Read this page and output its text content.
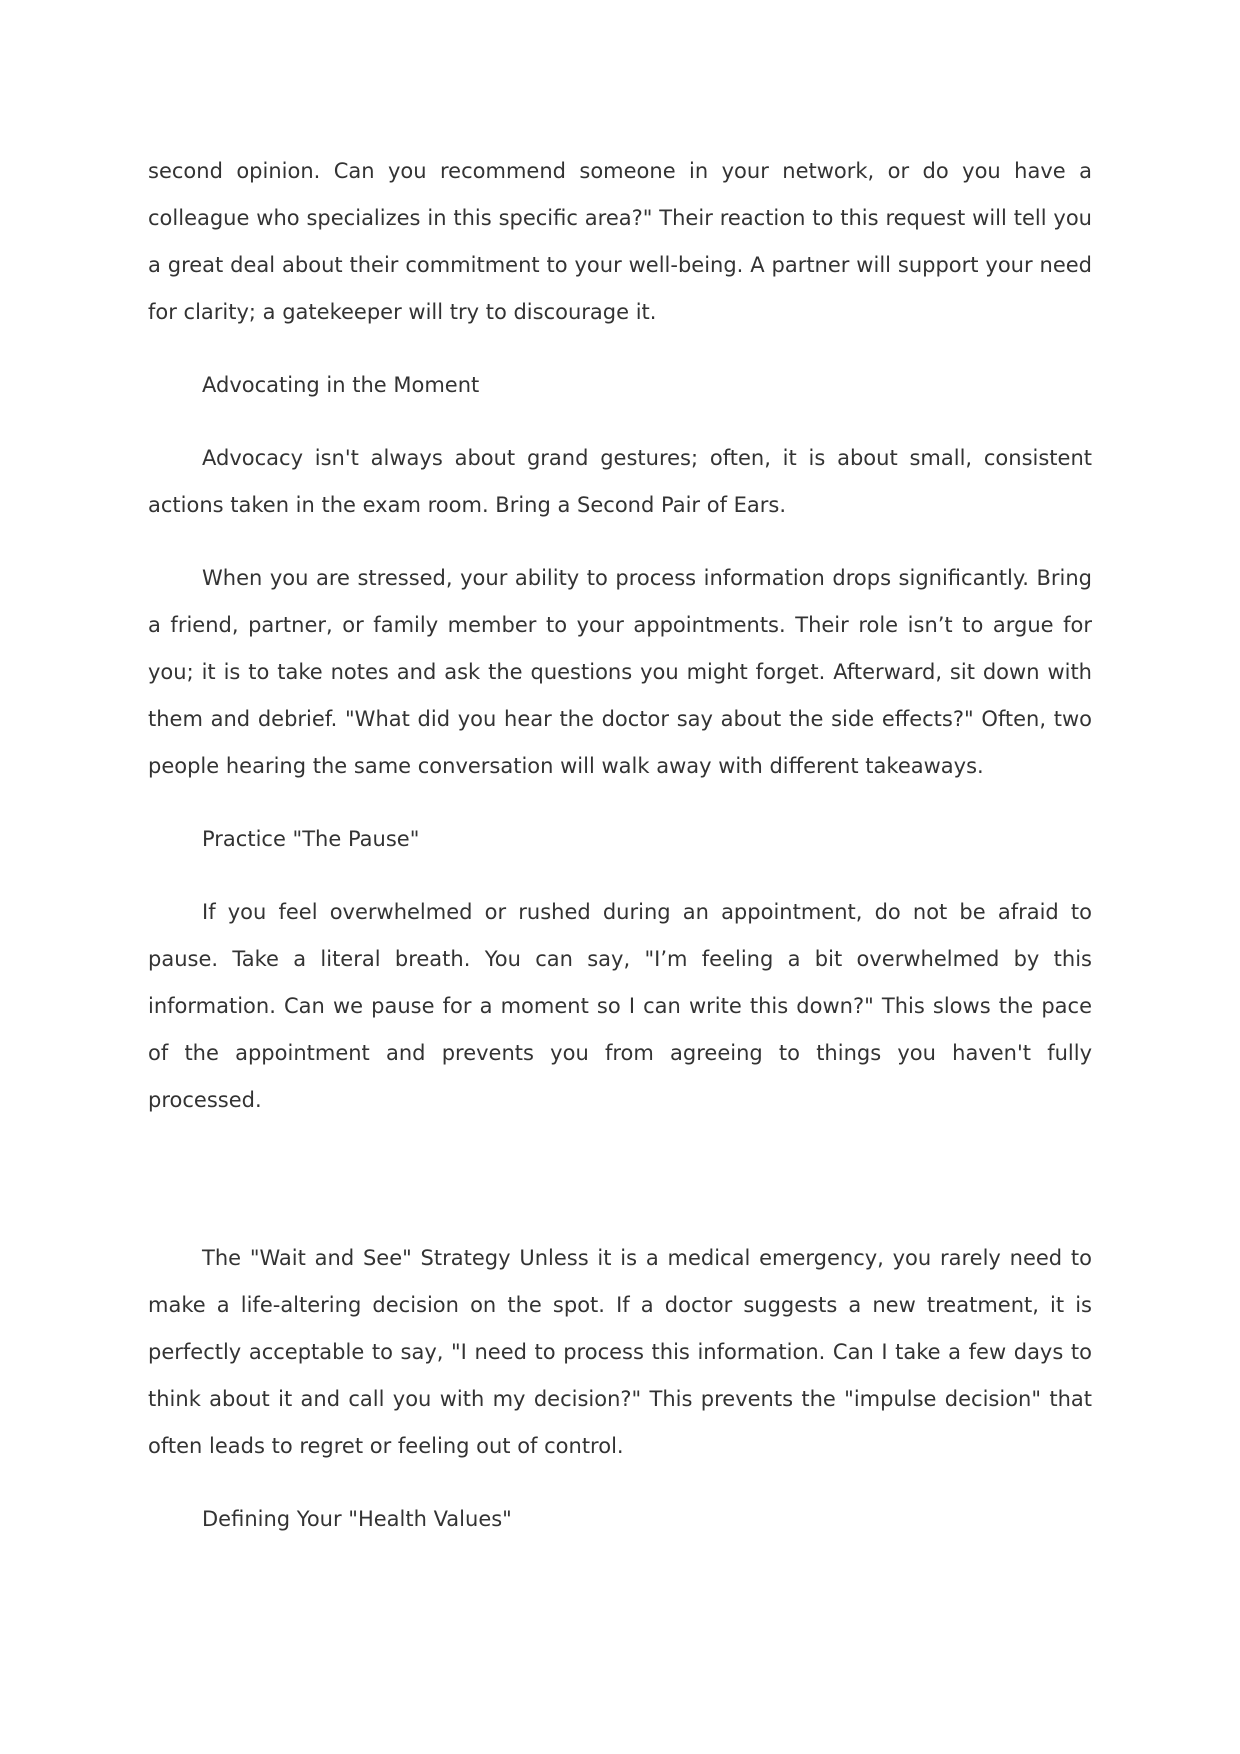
second opinion. Can you recommend someone in your network, or do you have a colleague who specializes in this specific area?" Their reaction to this request will tell you a great deal about their commitment to your well-being. A partner will support your need for clarity; a gatekeeper will try to discourage it.

Advocating in the Moment

Advocacy isn't always about grand gestures; often, it is about small, consistent actions taken in the exam room. Bring a Second Pair of Ears.

When you are stressed, your ability to process information drops significantly. Bring a friend, partner, or family member to your appointments. Their role isn’t to argue for you; it is to take notes and ask the questions you might forget. Afterward, sit down with them and debrief. "What did you hear the doctor say about the side effects?" Often, two people hearing the same conversation will walk away with different takeaways.

Practice "The Pause"

If you feel overwhelmed or rushed during an appointment, do not be afraid to pause. Take a literal breath. You can say, "I’m feeling a bit overwhelmed by this information. Can we pause for a moment so I can write this down?" This slows the pace of the appointment and prevents you from agreeing to things you haven't fully processed.

The "Wait and See" Strategy Unless it is a medical emergency, you rarely need to make a life-altering decision on the spot. If a doctor suggests a new treatment, it is perfectly acceptable to say, "I need to process this information. Can I take a few days to think about it and call you with my decision?" This prevents the "impulse decision" that often leads to regret or feeling out of control.

Defining Your "Health Values"
